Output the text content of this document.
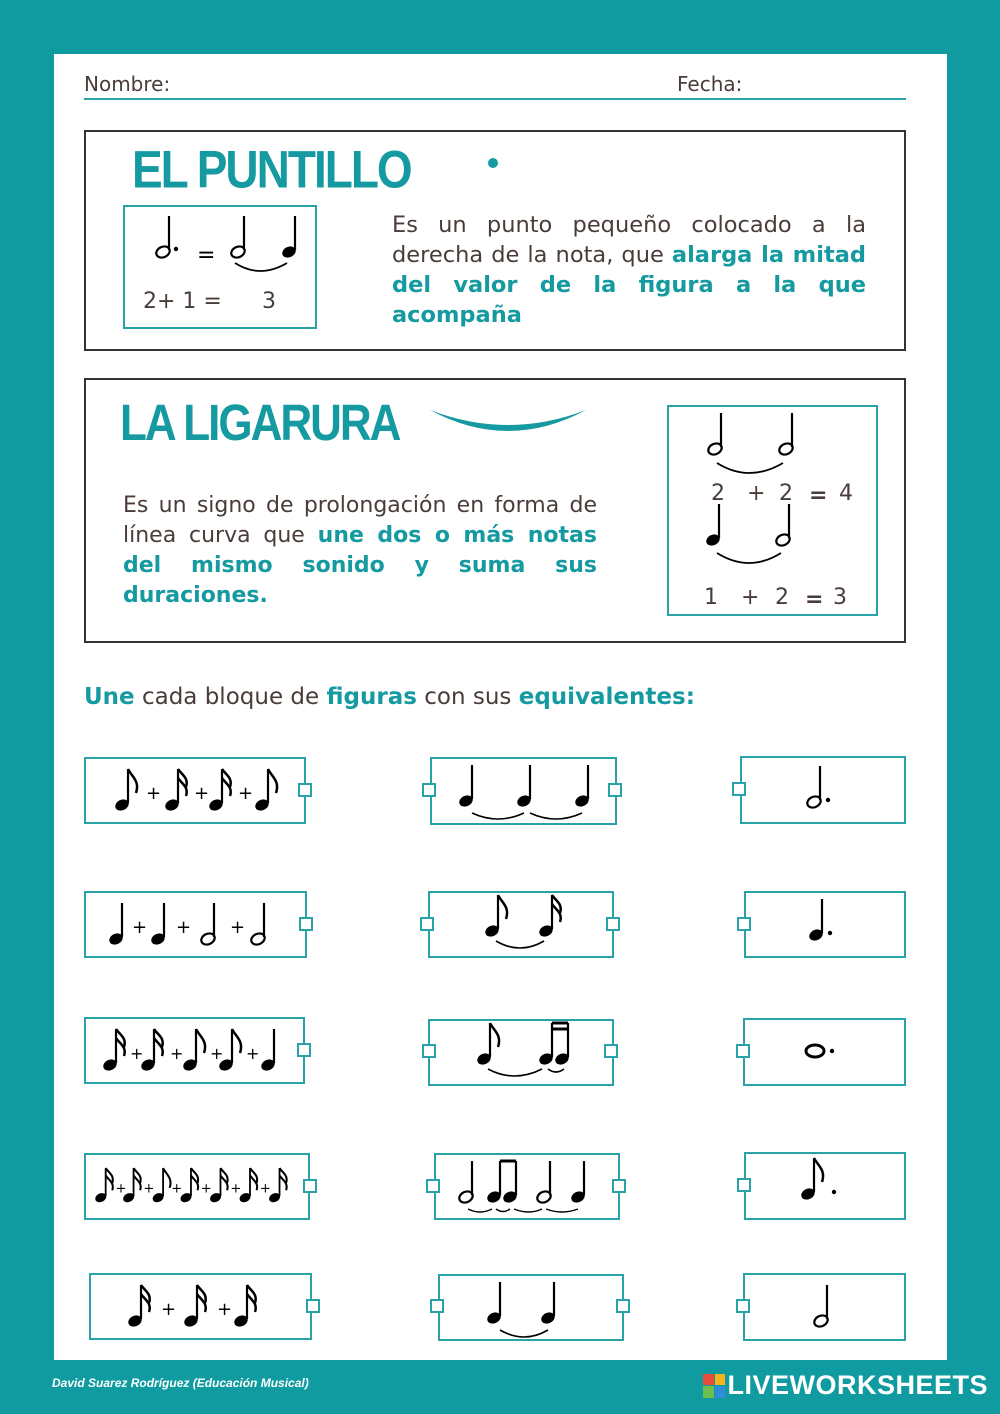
Nombre:	Fecha:
EL PUNTILLO
=
2+ 1 = 3
Es un punto pequeño colocado a la derecha de la nota, que alarga la mitad del valor de la figura a la que acompaña
LA LIGARURA
Es un signo de prolongación en forma de línea curva que une dos o más notas del mismo sonido y suma sus duraciones.
2 + 2 = 4
1 + 2 = 3
Une cada bloque de figuras con sus equivalentes:
+ + +
+ + +
+ + + +
+ + + + + +
+ +
David Suarez Rodríguez (Educación Musical)	LIVEWORKSHEETS
